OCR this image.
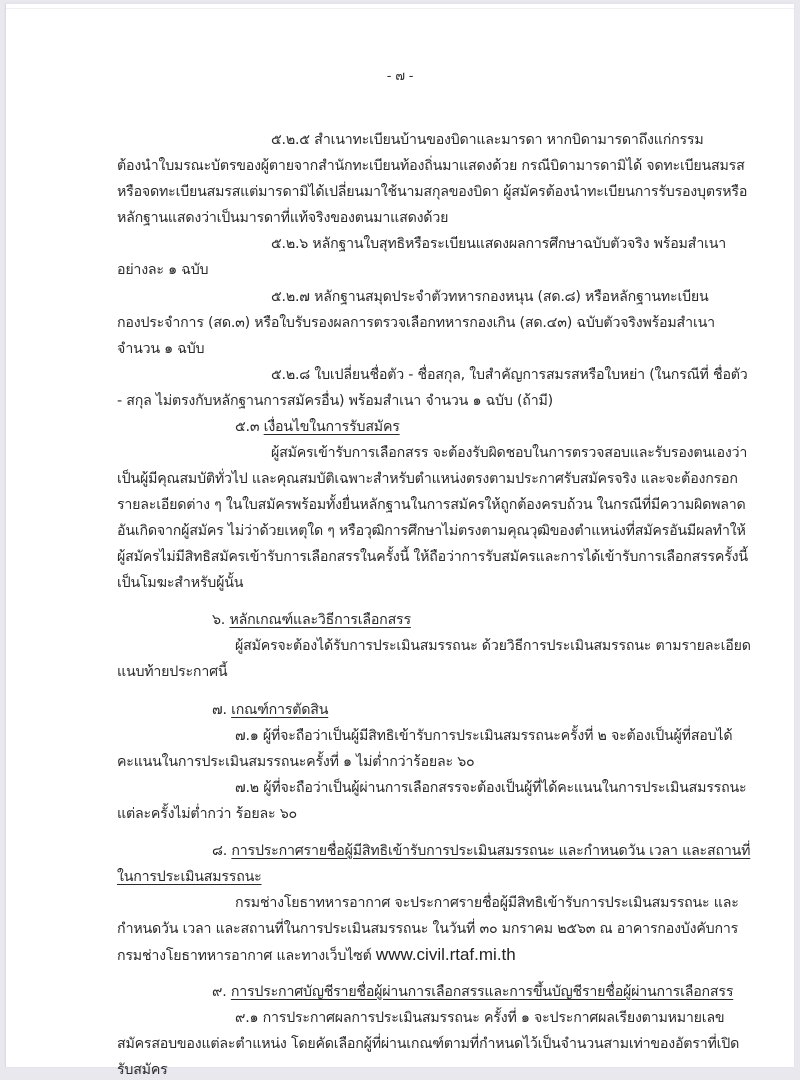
- ๗ -
๕.๒.๕ สำเนาทะเบียนบ้านของบิดาและมารดา หากบิดามารดาถึงแก่กรรม
ต้องนำใบมรณะบัตรของผู้ตายจากสำนักทะเบียนท้องถิ่นมาแสดงด้วย กรณีบิดามารดามิได้ จดทะเบียนสมรส
หรือจดทะเบียนสมรสแต่มารดามิได้เปลี่ยนมาใช้นามสกุลของบิดา ผู้สมัครต้องนำทะเบียนการรับรองบุตรหรือ
หลักฐานแสดงว่าเป็นมารดาที่แท้จริงของตนมาแสดงด้วย
๕.๒.๖ หลักฐานใบสุทธิหรือระเบียนแสดงผลการศึกษาฉบับตัวจริง พร้อมสำเนา
อย่างละ ๑ ฉบับ
๕.๒.๗ หลักฐานสมุดประจำตัวทหารกองหนุน (สด.๘) หรือหลักฐานทะเบียน
กองประจำการ (สด.๓) หรือใบรับรองผลการตรวจเลือกทหารกองเกิน (สด.๔๓) ฉบับตัวจริงพร้อมสำเนา
จำนวน ๑ ฉบับ
๕.๒.๘ ใบเปลี่ยนชื่อตัว - ชื่อสกุล, ใบสำคัญการสมรสหรือใบหย่า (ในกรณีที่ ชื่อตัว
- สกุล ไม่ตรงกับหลักฐานการสมัครอื่น) พร้อมสำเนา จำนวน ๑ ฉบับ (ถ้ามี)
๕.๓ เงื่อนไขในการรับสมัคร
ผู้สมัครเข้ารับการเลือกสรร จะต้องรับผิดชอบในการตรวจสอบและรับรองตนเองว่า
เป็นผู้มีคุณสมบัติทั่วไป และคุณสมบัติเฉพาะสำหรับตำแหน่งตรงตามประกาศรับสมัครจริง และจะต้องกรอก
รายละเอียดต่าง ๆ ในใบสมัครพร้อมทั้งยื่นหลักฐานในการสมัครให้ถูกต้องครบถ้วน ในกรณีที่มีความผิดพลาด
อันเกิดจากผู้สมัคร ไม่ว่าด้วยเหตุใด ๆ หรือวุฒิการศึกษาไม่ตรงตามคุณวุฒิของตำแหน่งที่สมัครอันมีผลทำให้
ผู้สมัครไม่มีสิทธิสมัครเข้ารับการเลือกสรรในครั้งนี้ ให้ถือว่าการรับสมัครและการได้เข้ารับการเลือกสรรครั้งนี้
เป็นโมฆะสำหรับผู้นั้น
๖. หลักเกณฑ์และวิธีการเลือกสรร
ผู้สมัครจะต้องได้รับการประเมินสมรรถนะ ด้วยวิธีการประเมินสมรรถนะ ตามรายละเอียด
แนบท้ายประกาศนี้
๗. เกณฑ์การตัดสิน
๗.๑ ผู้ที่จะถือว่าเป็นผู้มีสิทธิเข้ารับการประเมินสมรรถนะครั้งที่ ๒ จะต้องเป็นผู้ที่สอบได้
คะแนนในการประเมินสมรรถนะครั้งที่ ๑ ไม่ต่ำกว่าร้อยละ ๖๐
๗.๒ ผู้ที่จะถือว่าเป็นผู้ผ่านการเลือกสรรจะต้องเป็นผู้ที่ได้คะแนนในการประเมินสมรรถนะ
แต่ละครั้งไม่ต่ำกว่า ร้อยละ ๖๐
๘. การประกาศรายชื่อผู้มีสิทธิเข้ารับการประเมินสมรรถนะ และกำหนดวัน เวลา และสถานที่
ในการประเมินสมรรถนะ
กรมช่างโยธาทหารอากาศ จะประกาศรายชื่อผู้มีสิทธิเข้ารับการประเมินสมรรถนะ และ
กำหนดวัน เวลา และสถานที่ในการประเมินสมรรถนะ ในวันที่ ๓๐ มกราคม ๒๕๖๓ ณ อาคารกองบังคับการ
กรมช่างโยธาทหารอากาศ และทางเว็บไซต์ www.civil.rtaf.mi.th
๙. การประกาศบัญชีรายชื่อผู้ผ่านการเลือกสรรและการขึ้นบัญชีรายชื่อผู้ผ่านการเลือกสรร
๙.๑ การประกาศผลการประเมินสมรรถนะ ครั้งที่ ๑ จะประกาศผลเรียงตามหมายเลข
สมัครสอบของแต่ละตำแหน่ง โดยคัดเลือกผู้ที่ผ่านเกณฑ์ตามที่กำหนดไว้เป็นจำนวนสามเท่าของอัตราที่เปิด
รับสมัคร
